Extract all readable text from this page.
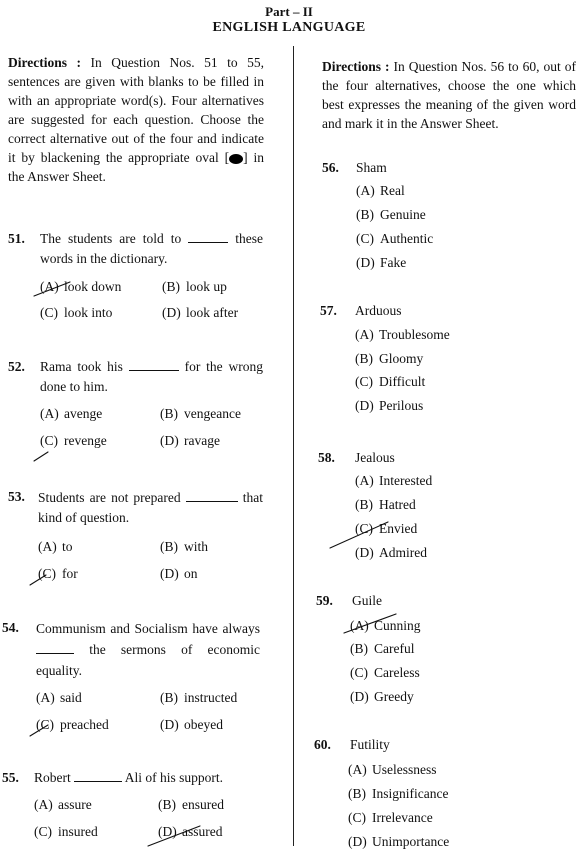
Part – II
ENGLISH LANGUAGE
Directions : In Question Nos. 51 to 55, sentences are given with blanks to be filled in with an appropriate word(s). Four alternatives are suggested for each question. Choose the correct alternative out of the four and indicate it by blackening the appropriate oval [ ] in the Answer Sheet.
51. The students are told to	these words in the dictionary.
(A) look down	(B) look up
(C) look into	(D) look after
52. Rama took his	for the wrong done to him.
(A) avenge	(B) vengeance
(C) revenge	(D) ravage
53. Students are not prepared	that kind of question.
(A) to	(B) with
(C) for	(D) on
54. Communism and Socialism have always  the sermons of economic equality.
(A) said	(B) instructed
(C) preached	(D) obeyed
55. Robert	Ali of his support.
(A) assure	(B) ensured
(C) insured	(D) assured
Directions : In Question Nos. 56 to 60, out of the four alternatives, choose the one which best expresses the meaning of the given word and mark it in the Answer Sheet.
56. Sham
(A) Real
(B) Genuine
(C) Authentic
(D) Fake
57. Arduous
(A) Troublesome
(B) Gloomy
(C) Difficult
(D) Perilous
58. Jealous
(A) Interested
(B) Hatred
(C) Envied
(D) Admired
59. Guile
(A) Cunning
(B) Careful
(C) Careless
(D) Greedy
60. Futility
(A) Uselessness
(B) Insignificance
(C) Irrelevance
(D) Unimportance
